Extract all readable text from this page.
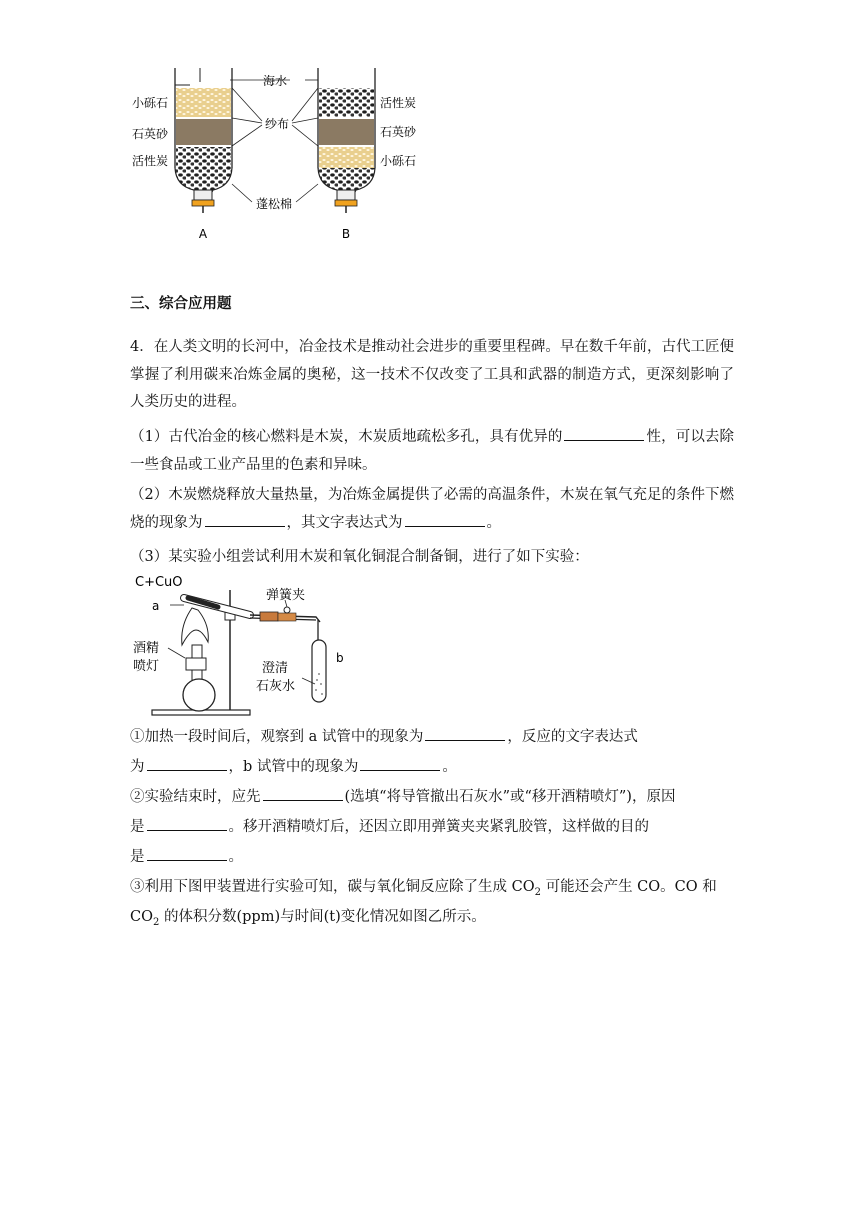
海水
小砾石
石英砂
活性炭
活性炭
石英砂
小砾石
纱布
蓬松棉
A	B
三、综合应用题
4．在人类文明的长河中，冶金技术是推动社会进步的重要里程碑。早在数千年前，古代工匠便掌握了利用碳来冶炼金属的奥秘，这一技术不仅改变了工具和武器的制造方式，更深刻影响了人类历史的进程。
（1）古代冶金的核心燃料是木炭，木炭质地疏松多孔，具有优异的	性，可以去除一些食品或工业产品里的色素和异味。
（2）木炭燃烧释放大量热量，为冶炼金属提供了必需的高温条件，木炭在氧气充足的条件下燃烧的现象为	，其文字表达式为	。
（3）某实验小组尝试利用木炭和氧化铜混合制备铜，进行了如下实验：
C+CuO
a
弹簧夹
酒精
喷灯
b
澄清
石灰水
①加热一段时间后，观察到 a 试管中的现象为	，反应的文字表达式
为	，b 试管中的现象为	。
②实验结束时，应先	(选填“将导管撤出石灰水”或“移开酒精喷灯”)，原因
是	。移开酒精喷灯后，还因立即用弹簧夹夹紧乳胶管，这样做的目的
是	。
③利用下图甲装置进行实验可知，碳与氧化铜反应除了生成 $CO_2$ 可能还会产生 CO。CO 和
$CO_2$ 的体积分数(ppm)与时间(t)变化情况如图乙所示。
